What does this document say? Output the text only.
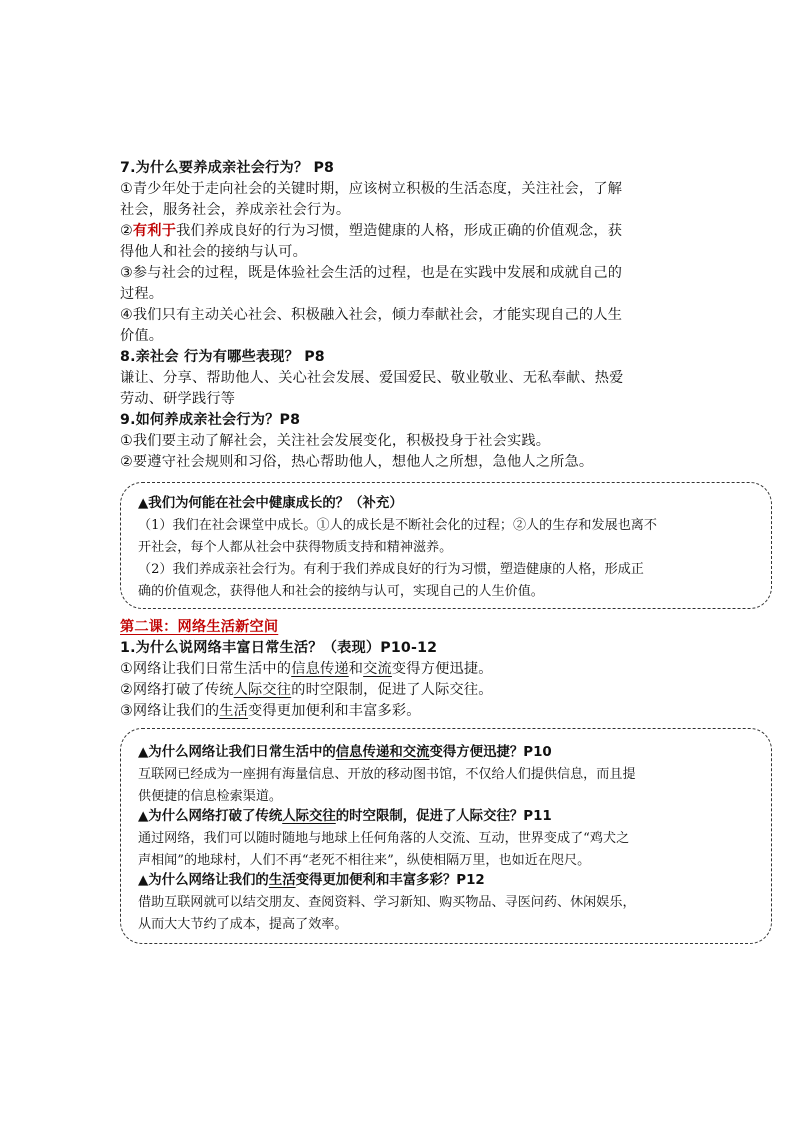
7.为什么要养成亲社会行为？ P8
①青少年处于走向社会的关键时期，应该树立积极的生活态度，关注社会，了解
社会，服务社会，养成亲社会行为。
②有利于我们养成良好的行为习惯，塑造健康的人格，形成正确的价值观念，获
得他人和社会的接纳与认可。
③参与社会的过程，既是体验社会生活的过程，也是在实践中发展和成就自己的
过程。
④我们只有主动关心社会、积极融入社会，倾力奉献社会，才能实现自己的人生
价值。
8.亲社会 行为有哪些表现？ P8
谦让、分享、帮助他人、关心社会发展、爱国爱民、敬业敬业、无私奉献、热爱
劳动、研学践行等
9.如何养成亲社会行为？P8
①我们要主动了解社会，关注社会发展变化，积极投身于社会实践。
②要遵守社会规则和习俗，热心帮助他人，想他人之所想，急他人之所急。
▲我们为何能在社会中健康成长的？（补充）
（1）我们在社会课堂中成长。①人的成长是不断社会化的过程；②人的生存和发展也离不
开社会，每个人都从社会中获得物质支持和精神滋养。
（2）我们养成亲社会行为。有利于我们养成良好的行为习惯，塑造健康的人格，形成正
确的价值观念，获得他人和社会的接纳与认可，实现自己的人生价值。
第二课：网络生活新空间
1.为什么说网络丰富日常生活？（表现）P10-12
①网络让我们日常生活中的信息传递和交流变得方便迅捷。
②网络打破了传统人际交往的时空限制，促进了人际交往。
③网络让我们的生活变得更加便利和丰富多彩。
▲为什么网络让我们日常生活中的信息传递和交流变得方便迅捷？P10
互联网已经成为一座拥有海量信息、开放的移动图书馆，不仅给人们提供信息，而且提
供便捷的信息检索渠道。
▲为什么网络打破了传统人际交往的时空限制，促进了人际交往？P11
通过网络，我们可以随时随地与地球上任何角落的人交流、互动，世界变成了“鸡犬之
声相闻”的地球村，人们不再“老死不相往来”，纵使相隔万里，也如近在咫尺。
▲为什么网络让我们的生活变得更加便利和丰富多彩？P12
借助互联网就可以结交朋友、查阅资料、学习新知、购买物品、寻医问药、休闲娱乐，
从而大大节约了成本，提高了效率。
